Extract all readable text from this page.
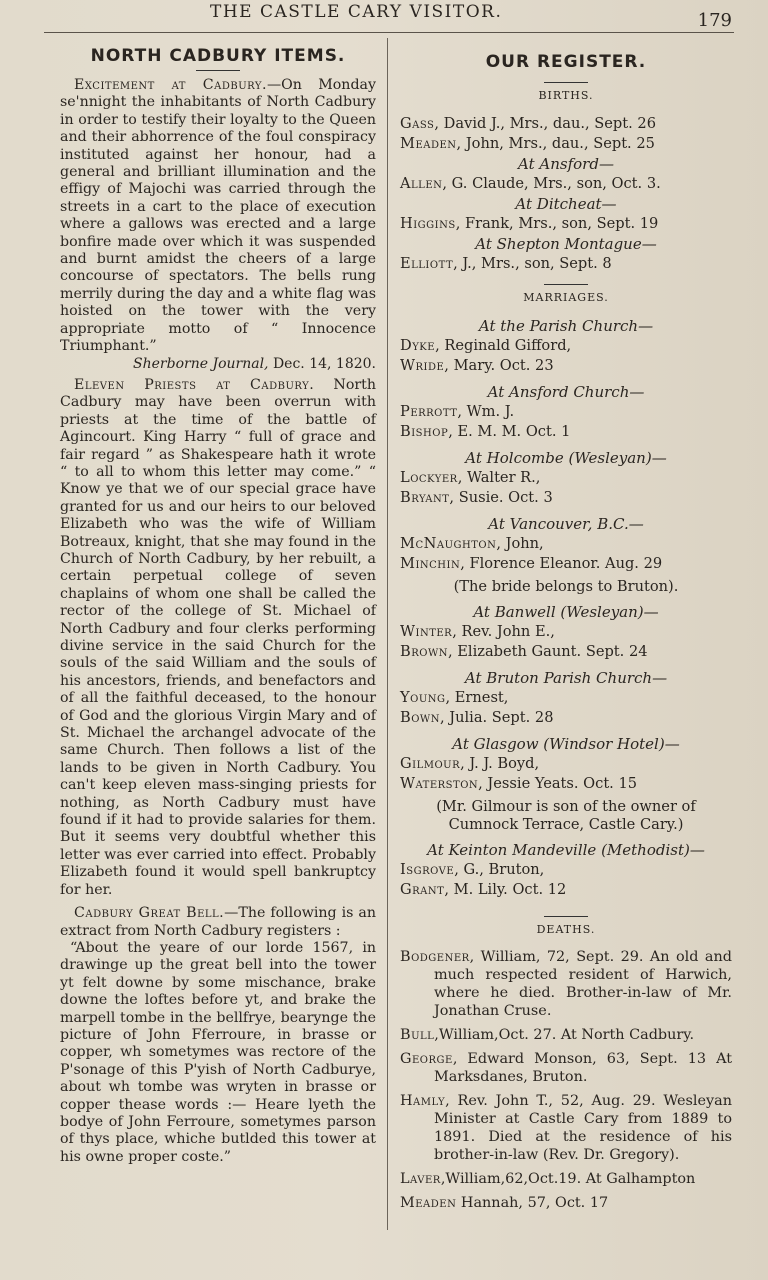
THE CASTLE CARY VISITOR.	179
NORTH CADBURY ITEMS.

Excitement at Cadbury.—On Monday se'nnight the inhabitants of North Cadbury in order to testify their loyalty to the Queen and their abhorrence of the foul conspiracy instituted against her honour, had a general and brilliant illumination and the effigy of Majochi was carried through the streets in a cart to the place of execution where a gallows was erected and a large bonfire made over which it was suspended and burnt amidst the cheers of a large concourse of spectators. The bells rung merrily during the day and a white flag was hoisted on the tower with the very appropriate motto of “ Innocence Triumphant.”

Sherborne Journal, Dec. 14, 1820.

Eleven Priests at Cadbury. North Cadbury may have been overrun with priests at the time of the battle of Agincourt. King Harry “ full of grace and fair regard ” as Shakespeare hath it wrote “ to all to whom this letter may come.” “ Know ye that we of our special grace have granted for us and our heirs to our beloved Elizabeth who was the wife of William Botreaux, knight, that she may found in the Church of North Cadbury, by her rebuilt, a certain perpetual college of seven chaplains of whom one shall be called the rector of the college of St. Michael of North Cadbury and four clerks performing divine service in the said Church for the souls of the said William and the souls of his ancestors, friends, and benefactors and of all the faithful deceased, to the honour of God and the glorious Virgin Mary and of St. Michael the archangel advocate of the same Church. Then follows a list of the lands to be given in North Cadbury. You can't keep eleven mass-singing priests for nothing, as North Cadbury must have found if it had to provide salaries for them. But it seems very doubtful whether this letter was ever carried into effect. Probably Elizabeth found it would spell bankruptcy for her.

Cadbury Great Bell.—The following is an extract from North Cadbury registers :

“About the yeare of our lorde 1567, in drawinge up the great bell into the tower yt felt downe by some mischance, brake downe the loftes before yt, and brake the marpell tombe in the bellfrye, bearynge the picture of John Fferroure, in brasse or copper, wh sometymes was rectore of the P'sonage of this P'yish of North Cadburye, about wh tombe was wryten in brasse or copper thease words :— Heare lyeth the bodye of John Ferroure, sometymes parson of thys place, whiche butlded this tower at his owne proper coste.”

OUR REGISTER.
BIRTHS.

Gass, David J., Mrs., dau., Sept. 26

Meaden, John, Mrs., dau., Sept. 25

At Ansford—

Allen, G. Claude, Mrs., son, Oct. 3.

At Ditcheat—

Higgins, Frank, Mrs., son, Sept. 19

At Shepton Montague—

Elliott, J., Mrs., son, Sept. 8

MARRIAGES.

At the Parish Church—

Dyke, Reginald Gifford,

Wride, Mary. Oct. 23

At Ansford Church—

Perrott, Wm. J.

Bishop, E. M. M. Oct. 1

At Holcombe (Wesleyan)—

Lockyer, Walter R.,

Bryant, Susie. Oct. 3

At Vancouver, B.C.—

McNaughton, John,

Minchin, Florence Eleanor. Aug. 29

(The bride belongs to Bruton).

At Banwell (Wesleyan)—

Winter, Rev. John E.,

Brown, Elizabeth Gaunt. Sept. 24

At Bruton Parish Church—

Young, Ernest,

Bown, Julia. Sept. 28

At Glasgow (Windsor Hotel)—

Gilmour, J. J. Boyd,

Waterston, Jessie Yeats. Oct. 15

(Mr. Gilmour is son of the owner of Cumnock Terrace, Castle Cary.)

At Keinton Mandeville (Methodist)—

Isgrove, G., Bruton,

Grant, M. Lily. Oct. 12

DEATHS.

Bodgener, William, 72, Sept. 29. An old and much respected resident of Harwich, where he died. Brother-in-law of Mr. Jonathan Cruse.

Bull,William,Oct. 27. At North Cadbury.

George, Edward Monson, 63, Sept. 13 At Marksdanes, Bruton.

Hamly, Rev. John T., 52, Aug. 29. Wesleyan Minister at Castle Cary from 1889 to 1891. Died at the residence of his brother-in-law (Rev. Dr. Gregory).

Laver,William,62,Oct.19. At Galhampton

Meaden Hannah, 57, Oct. 17
